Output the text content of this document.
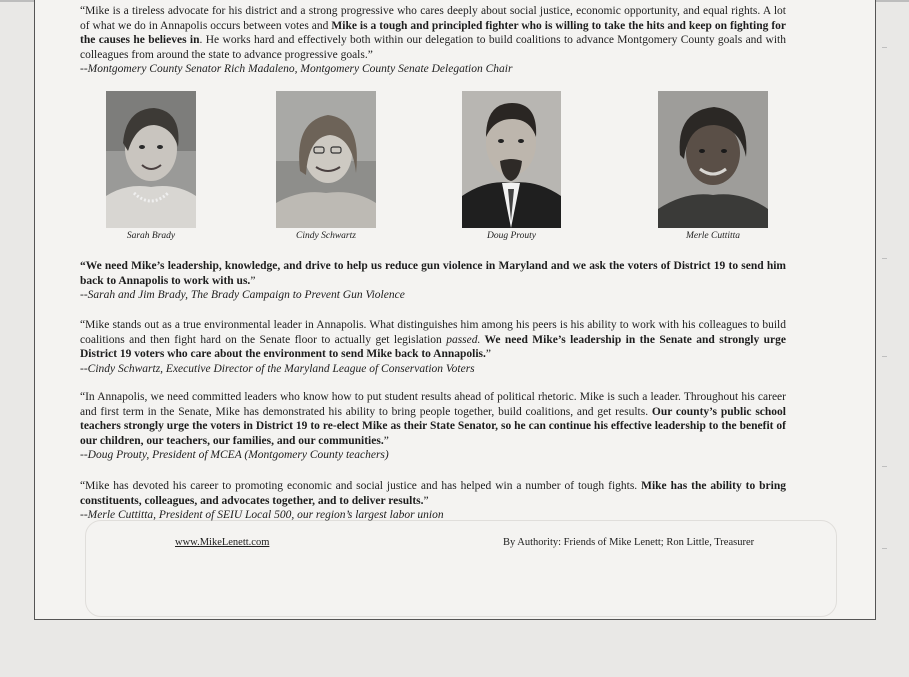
“Mike is a tireless advocate for his district and a strong progressive who cares deeply about social justice, economic opportunity, and equal rights. A lot of what we do in Annapolis occurs between votes and Mike is a tough and principled fighter who is willing to take the hits and keep on fighting for the causes he believes in. He works hard and effectively both within our delegation to build coalitions to advance Montgomery County goals and with colleagues from around the state to advance progressive goals.”
--Montgomery County Senator Rich Madaleno, Montgomery County Senate Delegation Chair
Sarah Brady	Cindy Schwartz	Doug Prouty	Merle Cuttitta
“We need Mike’s leadership, knowledge, and drive to help us reduce gun violence in Maryland and we ask the voters of District 19 to send him back to Annapolis to work with us.”
--Sarah and Jim Brady, The Brady Campaign to Prevent Gun Violence
“Mike stands out as a true environmental leader in Annapolis. What distinguishes him among his peers is his ability to work with his colleagues to build coalitions and then fight hard on the Senate floor to actually get legislation passed. We need Mike’s leadership in the Senate and strongly urge District 19 voters who care about the environment to send Mike back to Annapolis.”
--Cindy Schwartz, Executive Director of the Maryland League of Conservation Voters
“In Annapolis, we need committed leaders who know how to put student results ahead of political rhetoric. Mike is such a leader. Throughout his career and first term in the Senate, Mike has demonstrated his ability to bring people together, build coalitions, and get results. Our county’s public school teachers strongly urge the voters in District 19 to re-elect Mike as their State Senator, so he can continue his effective leadership to the benefit of our children, our teachers, our families, and our communities.”
--Doug Prouty, President of MCEA (Montgomery County teachers)
“Mike has devoted his career to promoting economic and social justice and has helped win a number of tough fights. Mike has the ability to bring constituents, colleagues, and advocates together, and to deliver results.”
--Merle Cuttitta, President of SEIU Local 500, our region’s largest labor union
www.MikeLenett.com	By Authority: Friends of Mike Lenett; Ron Little, Treasurer
